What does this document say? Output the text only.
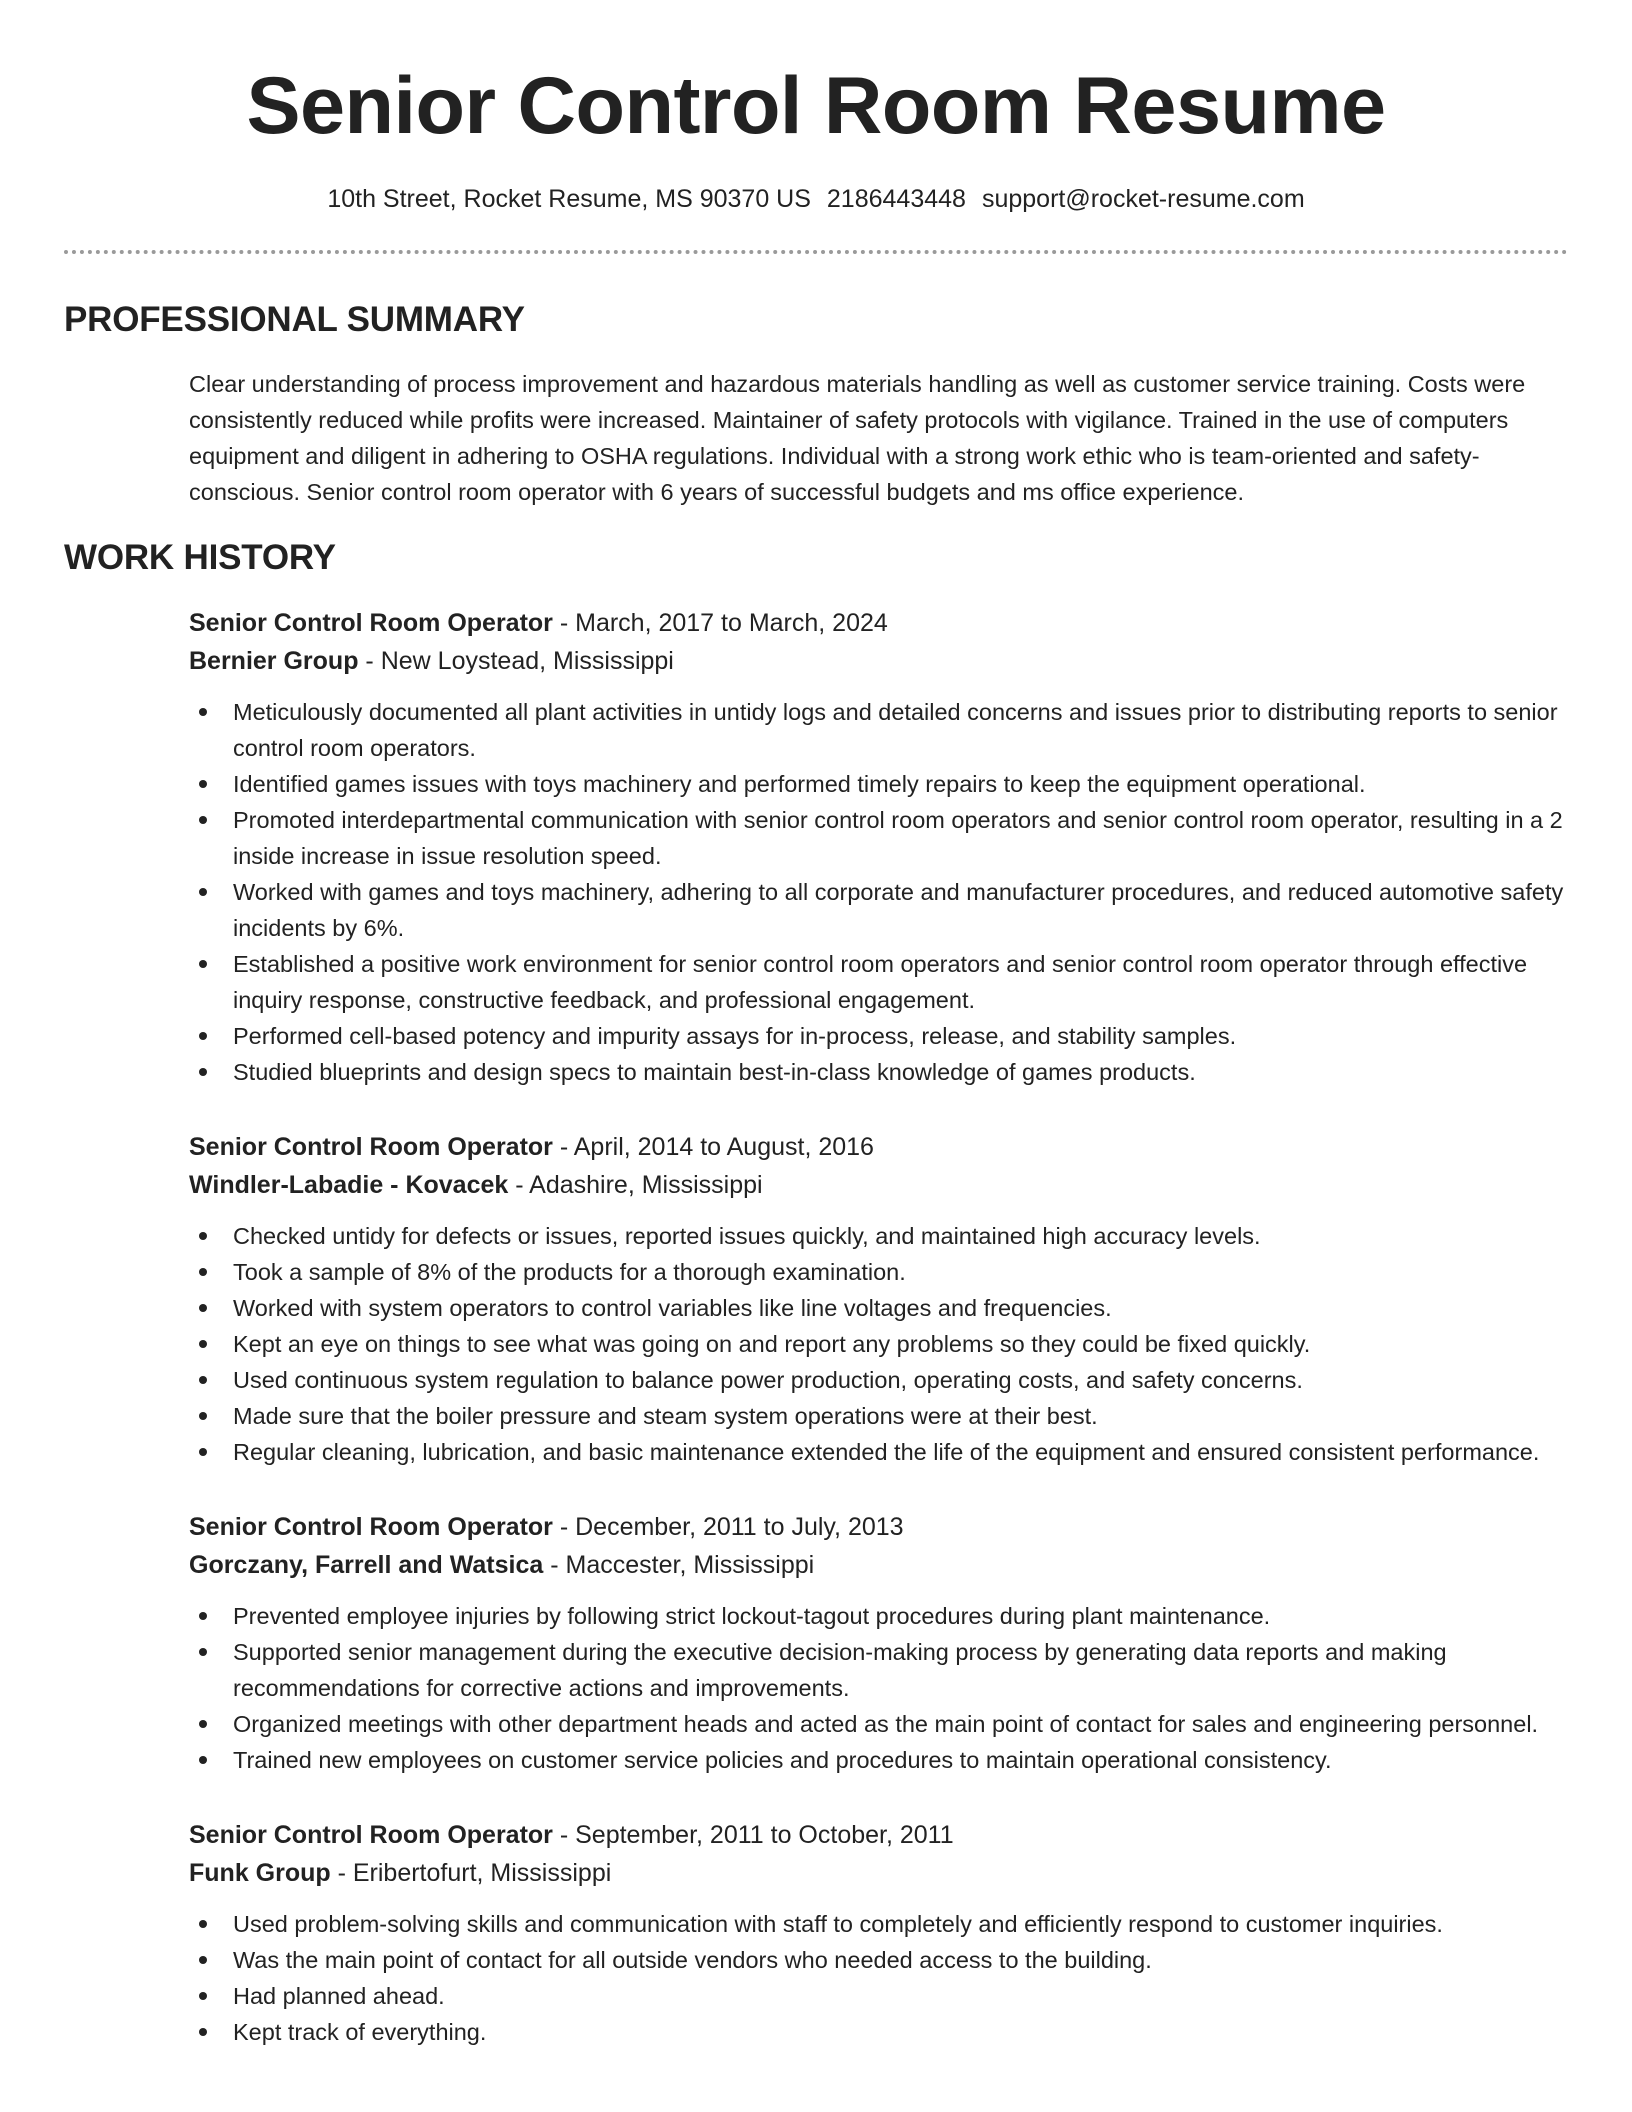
Senior Control Room Resume
10th Street, Rocket Resume, MS 90370 US 2186443448 support@rocket-resume.com
PROFESSIONAL SUMMARY

Clear understanding of process improvement and hazardous materials handling as well as customer service training. Costs were consistently reduced while profits were increased. Maintainer of safety protocols with vigilance. Trained in the use of computers equipment and diligent in adhering to OSHA regulations. Individual with a strong work ethic who is team-oriented and safety-conscious. Senior control room operator with 6 years of successful budgets and ms office experience.

WORK HISTORY
Senior Control Room Operator - March, 2017 to March, 2024
Bernier Group - New Loystead, Mississippi
Meticulously documented all plant activities in untidy logs and detailed concerns and issues prior to distributing reports to senior control room operators.
Identified games issues with toys machinery and performed timely repairs to keep the equipment operational.
Promoted interdepartmental communication with senior control room operators and senior control room operator, resulting in a 2 inside increase in issue resolution speed.
Worked with games and toys machinery, adhering to all corporate and manufacturer procedures, and reduced automotive safety incidents by 6%.
Established a positive work environment for senior control room operators and senior control room operator through effective inquiry response, constructive feedback, and professional engagement.
Performed cell-based potency and impurity assays for in-process, release, and stability samples.
Studied blueprints and design specs to maintain best-in-class knowledge of games products.
Senior Control Room Operator - April, 2014 to August, 2016
Windler-Labadie - Kovacek - Adashire, Mississippi
Checked untidy for defects or issues, reported issues quickly, and maintained high accuracy levels.
Took a sample of 8% of the products for a thorough examination.
Worked with system operators to control variables like line voltages and frequencies.
Kept an eye on things to see what was going on and report any problems so they could be fixed quickly.
Used continuous system regulation to balance power production, operating costs, and safety concerns.
Made sure that the boiler pressure and steam system operations were at their best.
Regular cleaning, lubrication, and basic maintenance extended the life of the equipment and ensured consistent performance.
Senior Control Room Operator - December, 2011 to July, 2013
Gorczany, Farrell and Watsica - Maccester, Mississippi
Prevented employee injuries by following strict lockout-tagout procedures during plant maintenance.
Supported senior management during the executive decision-making process by generating data reports and making recommendations for corrective actions and improvements.
Organized meetings with other department heads and acted as the main point of contact for sales and engineering personnel.
Trained new employees on customer service policies and procedures to maintain operational consistency.
Senior Control Room Operator - September, 2011 to October, 2011
Funk Group - Eribertofurt, Mississippi
Used problem-solving skills and communication with staff to completely and efficiently respond to customer inquiries.
Was the main point of contact for all outside vendors who needed access to the building.
Had planned ahead.
Kept track of everything.
